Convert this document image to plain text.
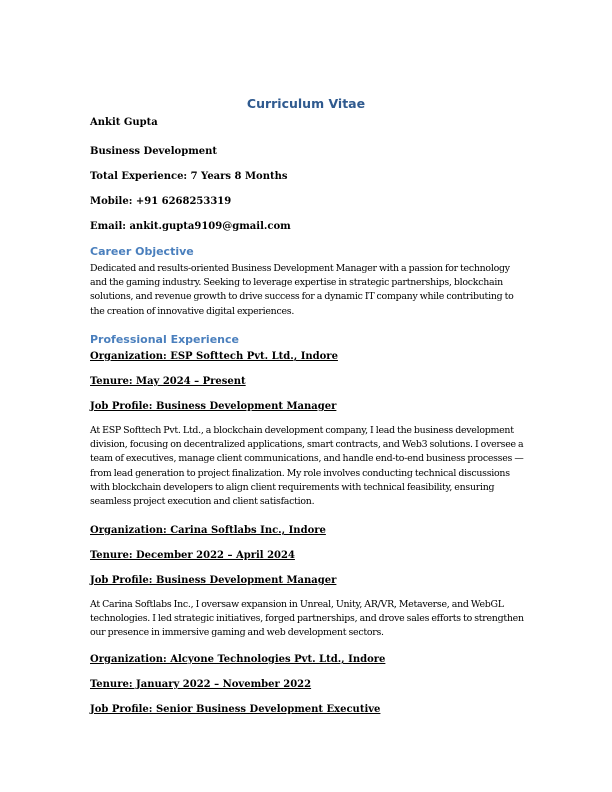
Curriculum Vitae
Ankit Gupta
Business Development
Total Experience: 7 Years 8 Months
Mobile: +91 6268253319
Email: ankit.gupta9109@gmail.com
Career Objective

Dedicated and results-oriented Business Development Manager with a passion for technology and the gaming industry. Seeking to leverage expertise in strategic partnerships, blockchain solutions, and revenue growth to drive success for a dynamic IT company while contributing to the creation of innovative digital experiences.

Professional Experience
Organization: ESP Softtech Pvt. Ltd., Indore
Tenure: May 2024 – Present
Job Profile: Business Development Manager

At ESP Softtech Pvt. Ltd., a blockchain development company, I lead the business development division, focusing on decentralized applications, smart contracts, and Web3 solutions. I oversee a team of executives, manage client communications, and handle end-to-end business processes — from lead generation to project finalization. My role involves conducting technical discussions with blockchain developers to align client requirements with technical feasibility, ensuring seamless project execution and client satisfaction.

Organization: Carina Softlabs Inc., Indore
Tenure: December 2022 – April 2024
Job Profile: Business Development Manager

At Carina Softlabs Inc., I oversaw expansion in Unreal, Unity, AR/VR, Metaverse, and WebGL technologies. I led strategic initiatives, forged partnerships, and drove sales efforts to strengthen our presence in immersive gaming and web development sectors.

Organization: Alcyone Technologies Pvt. Ltd., Indore
Tenure: January 2022 – November 2022
Job Profile: Senior Business Development Executive
